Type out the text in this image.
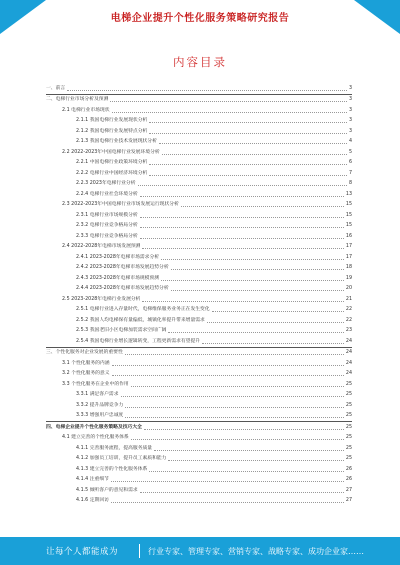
电梯企业提升个性化服务策略研究报告
内容目录
一、前言	3
二、电梯行业市场分析及预测	3
2.1 电梯行业市场现状	3
2.1.1 我国电梯行业发展现状分析	3
2.1.2 我国电梯行业发展特点分析	3
2.1.3 我国电梯行业技术发展现状分析	4
2.2 2022-2023年中国电梯行业发展环境分析	5
2.2.1 中国电梯行业政策环境分析	6
2.2.2 电梯行业中国经济环境分析	7
2.2.3 2023年电梯行业分析	8
2.2.4 电梯行业社会环境分析	13
2.3 2022-2023年中国电梯行业市场发展运行现状分析	15
2.3.1 电梯行业市场规模分析	15
2.3.2 电梯行业竞争格局分析	15
2.3.3 电梯行业竞争格局分析	16
2.4 2022-2028年电梯市场发展预测	17
2.4.1 2023-2028年电梯市场需求分析	17
2.4.2 2023-2028年电梯市场发展趋势分析	18
2.4.3 2023-2028年电梯市场规模预测	19
2.4.4 2023-2028年电梯市场发展趋势分析	20
2.5 2023-2028年电梯行业发展分析	21
2.5.1 电梯行业进入存量时代，电梯维保服务业务正在发生变化	22
2.5.2 我国人均电梯保有量偏低，城镇化率提升带来增量需求	22
2.5.3 我国老旧小区电梯加装需求空间广阔	23
2.5.4 我国电梯行业增长逻辑转变，工程更新需求有望提升	24
三、个性化服务对企业发展的重要性	24
3.1 个性化服务的内涵	24
3.2 个性化服务的意义	24
3.3 个性化服务在企业中的作用	25
3.3.1 满足客户需求	25
3.3.2 提升品牌竞争力	25
3.3.3 增强用户忠诚度	25
四、电梯企业提升个性化服务策略及技巧大全	25
4.1 建立完善的个性化服务体系	25
4.1.1 完善服务流程，提高服务质量	25
4.1.2 加强员工培训，提升员工素质和能力	25
4.1.3 建立完善的个性化服务体系	26
4.1.4 注重细节	26
4.1.5 倾听客户的意见和需求	27
4.1.6 定期回访	27
让每个人都能成为	行业专家、管理专家、营销专家、战略专家、成功企业家……
